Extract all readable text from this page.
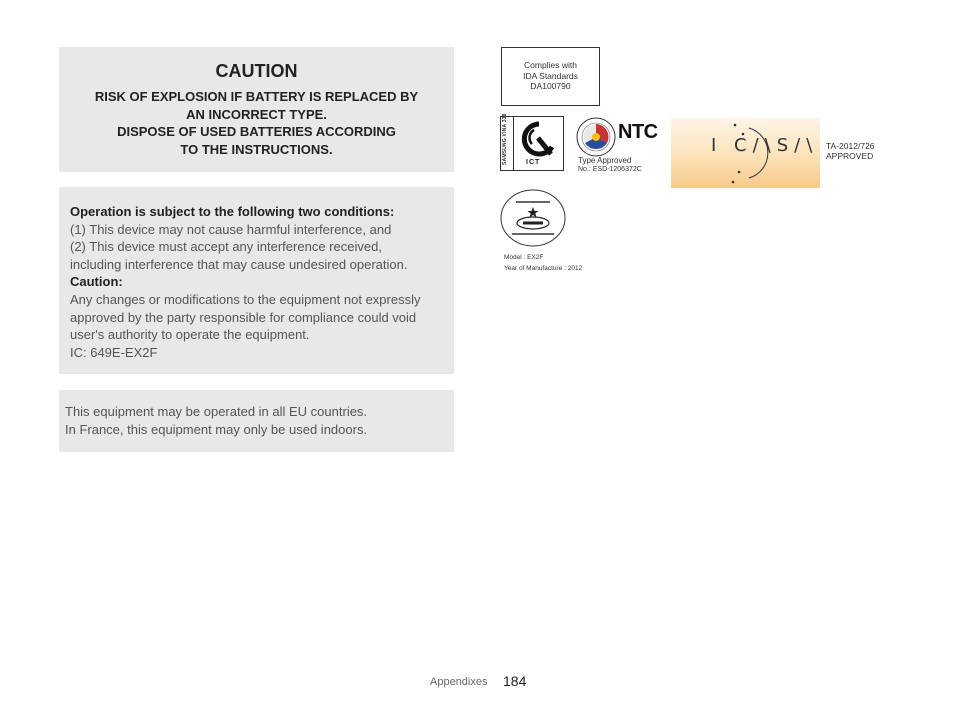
CAUTION
RISK OF EXPLOSION IF BATTERY IS REPLACED BY
AN INCORRECT TYPE.
DISPOSE OF USED BATTERIES ACCORDING
TO THE INSTRUCTIONS.
Operation is subject to the following two conditions:
(1) This device may not cause harmful interference, and
(2) This device must accept any interference received,
including interference that may cause undesired operation.
Caution:
Any changes or modifications to the equipment not expressly
approved by the party responsible for compliance could void
user's authority to operate the equipment.
IC: 649E-EX2F
This equipment may be operated in all EU countries.
In France, this equipment may only be used indoors.
Complies with
IDA Standards
DA100790
SAMSUNG VINA 338	ICT
NTC
Type Approved
No.: ESD-1206372C
I C/\S/\ TA-2012/726
APPROVED
Model : EX2F
Year of Manufacture : 2012
Appendixes 184
